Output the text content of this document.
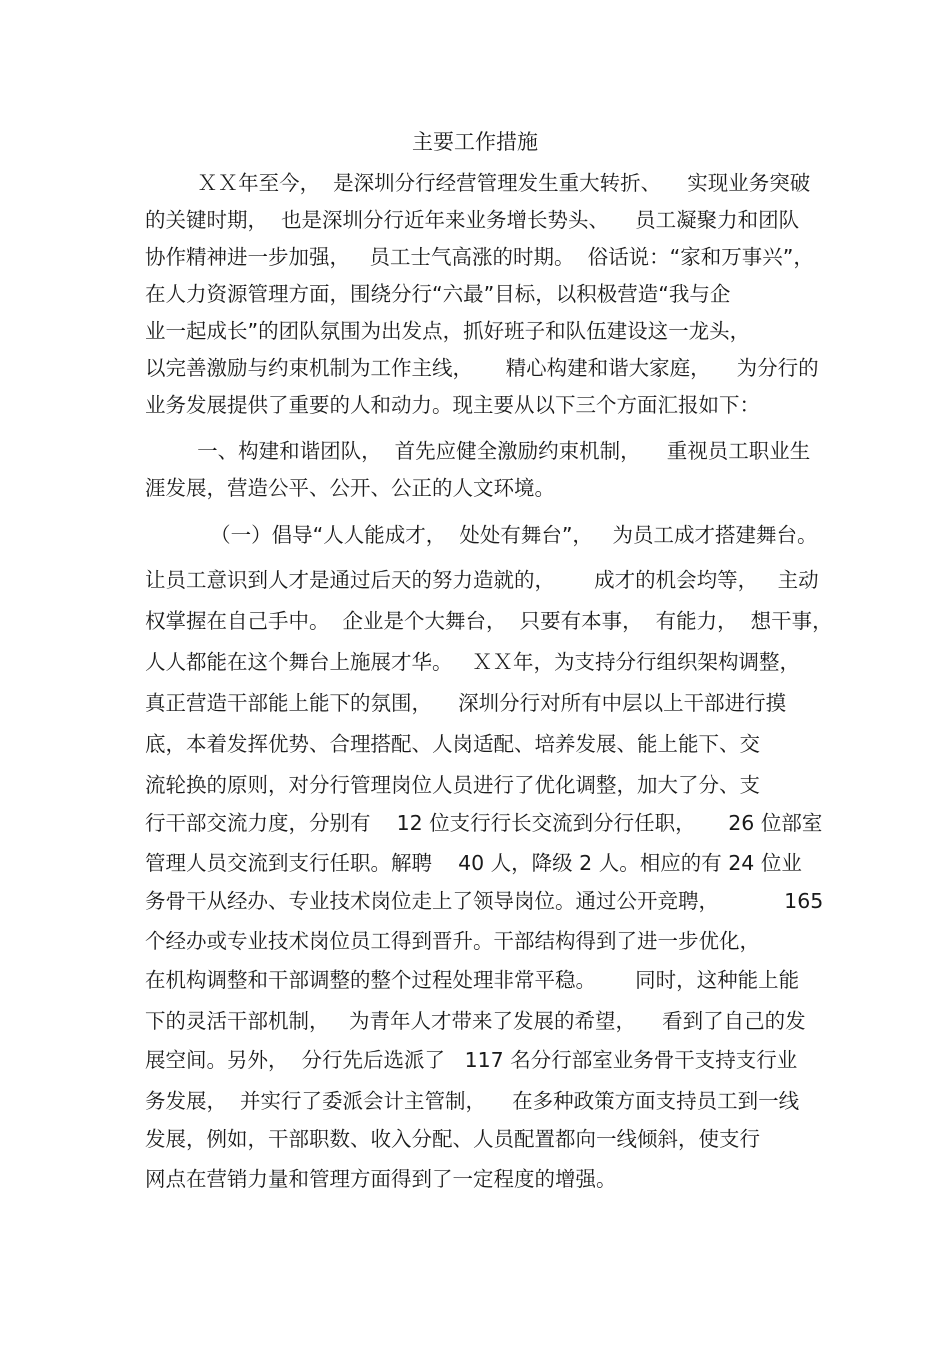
主要工作措施
ＸＸ年至今，  是深圳分行经营管理发生重大转折、    实现业务突破
的关键时期，  也是深圳分行近年来业务增长势头、    员工凝聚力和团队
协作精神进一步加强，   员工士气高涨的时期。  俗话说：“家和万事兴”，
在人力资源管理方面，围绕分行“六最”目标，以积极营造“我与企
业一起成长”的团队氛围为出发点，抓好班子和队伍建设这一龙头，
以完善激励与约束机制为工作主线，     精心构建和谐大家庭，    为分行的
业务发展提供了重要的人和动力。现主要从以下三个方面汇报如下：
一、构建和谐团队，  首先应健全激励约束机制，    重视员工职业生
涯发展，营造公平、公开、公正的人文环境。
（一）倡导“人人能成才，  处处有舞台”，   为员工成才搭建舞台。
让员工意识到人才是通过后天的努力造就的，      成才的机会均等，   主动
权掌握在自己手中。  企业是个大舞台，  只要有本事，  有能力，  想干事，
人人都能在这个舞台上施展才华。   ＸＸ年，为支持分行组织架构调整，
真正营造干部能上能下的氛围，    深圳分行对所有中层以上干部进行摸
底，本着发挥优势、合理搭配、人岗适配、培养发展、能上能下、交
流轮换的原则，对分行管理岗位人员进行了优化调整，加大了分、支
行干部交流力度，分别有    12 位支行行长交流到分行任职，     26 位部室
管理人员交流到支行任职。解聘    40 人，降级 2 人。相应的有 24 位业
务骨干从经办、专业技术岗位走上了领导岗位。通过公开竞聘，          165
个经办或专业技术岗位员工得到晋升。干部结构得到了进一步优化，
在机构调整和干部调整的整个过程处理非常平稳。      同时，这种能上能
下的灵活干部机制，   为青年人才带来了发展的希望，    看到了自己的发
展空间。另外，  分行先后选派了   117 名分行部室业务骨干支持支行业
务发展，  并实行了委派会计主管制，    在多种政策方面支持员工到一线
发展，例如，干部职数、收入分配、人员配置都向一线倾斜，使支行
网点在营销力量和管理方面得到了一定程度的增强。
